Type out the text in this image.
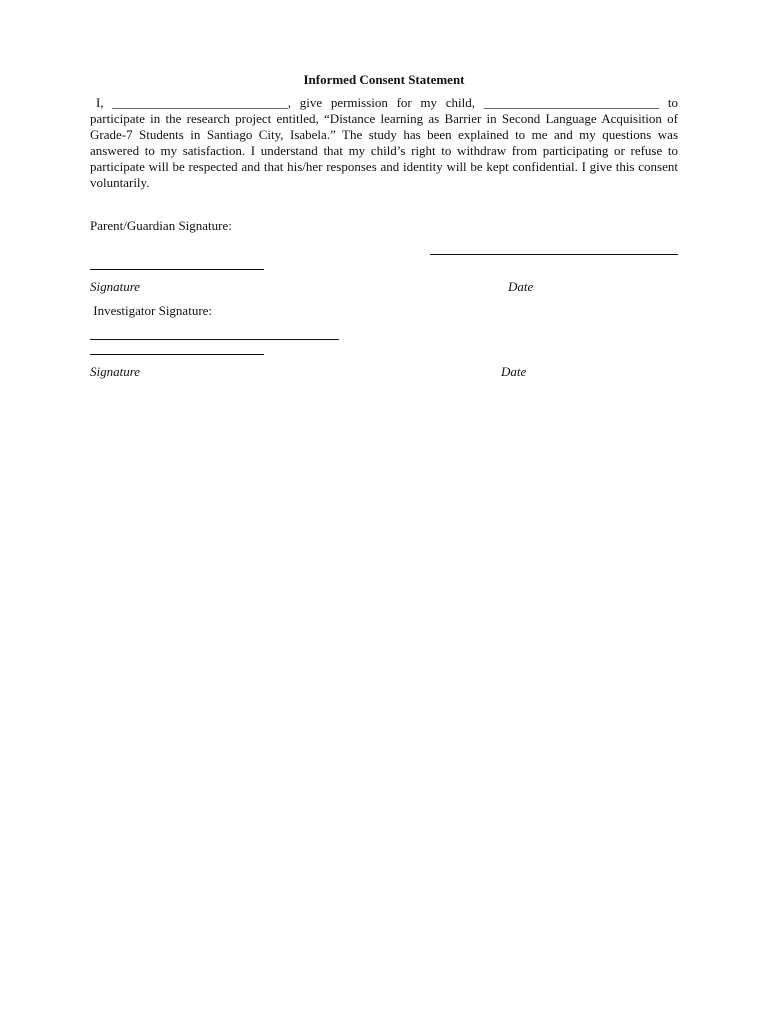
Informed Consent Statement
I, ___________________________, give permission for my child, ___________________________ to participate in the research project entitled, “Distance learning as Barrier in Second Language Acquisition of Grade-7 Students in Santiago City, Isabela.” The study has been explained to me and my questions was answered to my satisfaction. I understand that my child’s right to withdraw from participating or refuse to participate will be respected and that his/her responses and identity will be kept confidential. I give this consent voluntarily.
Parent/Guardian Signature:
Signature	Date
Investigator Signature:
Signature	Date
